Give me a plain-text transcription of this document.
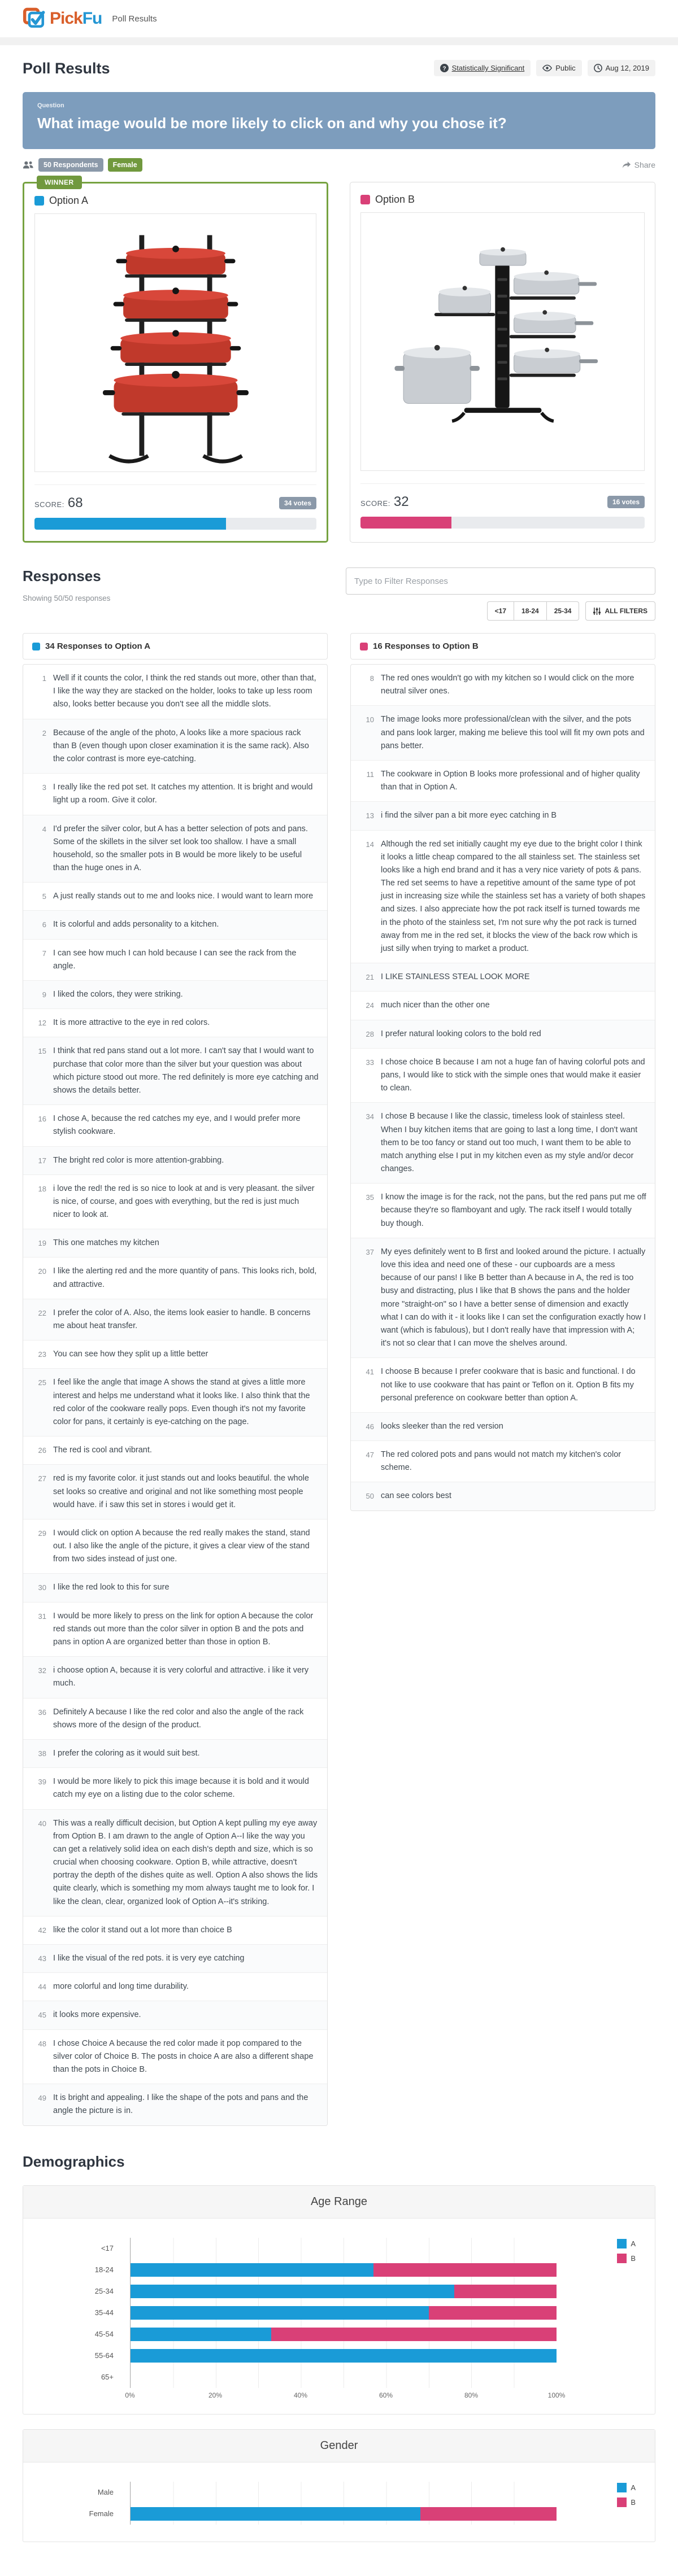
PickFu Poll Results
Poll Results	? Statistically Significant	Public	Aug 12, 2019
Question
What image would be more likely to click on and why you chose it?
50 Respondents	Female	Share
WINNER
Option A
SCORE: 68	34 votes
Option B
SCORE: 32	16 votes
Responses
Showing 50/50 responses
Type to Filter Responses
<17	18-24	25-34	ALL FILTERS
34 Responses to Option A
1 Well if it counts the color, I think the red stands out more, other than that, I like the way they are stacked on the holder, looks to take up less room also, looks better because you don't see all the middle slots.
2 Because of the angle of the photo, A looks like a more spacious rack than B (even though upon closer examination it is the same rack). Also the color contrast is more eye-catching.
3 I really like the red pot set. It catches my attention. It is bright and would light up a room. Give it color.
4 I'd prefer the silver color, but A has a better selection of pots and pans. Some of the skillets in the silver set look too shallow. I have a small household, so the smaller pots in B would be more likely to be useful than the huge ones in A.
5 A just really stands out to me and looks nice. I would want to learn more
6 It is colorful and adds personality to a kitchen.
7 I can see how much I can hold because I can see the rack from the angle.
9 I liked the colors, they were striking.
12 It is more attractive to the eye in red colors.
15 I think that red pans stand out a lot more. I can't say that I would want to purchase that color more than the silver but your question was about which picture stood out more. The red definitely is more eye catching and shows the details better.
16 I chose A, because the red catches my eye, and I would prefer more stylish cookware.
17 The bright red color is more attention-grabbing.
18 i love the red! the red is so nice to look at and is very pleasant. the silver is nice, of course, and goes with everything, but the red is just much nicer to look at.
19 This one matches my kitchen
20 I like the alerting red and the more quantity of pans. This looks rich, bold, and attractive.
22 I prefer the color of A. Also, the items look easier to handle. B concerns me about heat transfer.
23 You can see how they split up a little better
25 I feel like the angle that image A shows the stand at gives a little more interest and helps me understand what it looks like. I also think that the red color of the cookware really pops. Even though it's not my favorite color for pans, it certainly is eye-catching on the page.
26 The red is cool and vibrant.
27 red is my favorite color. it just stands out and looks beautiful. the whole set looks so creative and original and not like something most people would have. if i saw this set in stores i would get it.
29 I would click on option A because the red really makes the stand, stand out. I also like the angle of the picture, it gives a clear view of the stand from two sides instead of just one.
30 I like the red look to this for sure
31 I would be more likely to press on the link for option A because the color red stands out more than the color silver in option B and the pots and pans in option A are organized better than those in option B.
32 i choose option A, because it is very colorful and attractive. i like it very much.
36 Definitely A because I like the red color and also the angle of the rack shows more of the design of the product.
38 I prefer the coloring as it would suit best.
39 I would be more likely to pick this image because it is bold and it would catch my eye on a listing due to the color scheme.
40 This was a really difficult decision, but Option A kept pulling my eye away from Option B. I am drawn to the angle of Option A--I like the way you can get a relatively solid idea on each dish's depth and size, which is so crucial when choosing cookware. Option B, while attractive, doesn't portray the depth of the dishes quite as well. Option A also shows the lids quite clearly, which is something my mom always taught me to look for. I like the clean, clear, organized look of Option A--it's striking.
42 like the color it stand out a lot more than choice B
43 I like the visual of the red pots. it is very eye catching
44 more colorful and long time durability.
45 it looks more expensive.
48 I chose Choice A because the red color made it pop compared to the silver color of Choice B. The posts in choice A are also a different shape than the pots in Choice B.
49 It is bright and appealing. I like the shape of the pots and pans and the angle the picture is in.
16 Responses to Option B
8 The red ones wouldn't go with my kitchen so I would click on the more neutral silver ones.
10 The image looks more professional/clean with the silver, and the pots and pans look larger, making me believe this tool will fit my own pots and pans better.
11 The cookware in Option B looks more professional and of higher quality than that in Option A.
13 i find the silver pan a bit more eyec catching in B
14 Although the red set initially caught my eye due to the bright color I think it looks a little cheap compared to the all stainless set. The stainless set looks like a high end brand and it has a very nice variety of pots & pans. The red set seems to have a repetitive amount of the same type of pot just in increasing size while the stainless set has a variety of both shapes and sizes. I also appreciate how the pot rack itself is turned towards me in the photo of the stainless set, I'm not sure why the pot rack is turned away from me in the red set, it blocks the view of the back row which is just silly when trying to market a product.
21 I LIKE STAINLESS STEAL LOOK MORE
24 much nicer than the other one
28 I prefer natural looking colors to the bold red
33 I chose choice B because I am not a huge fan of having colorful pots and pans, I would like to stick with the simple ones that would make it easier to clean.
34 I chose B because I like the classic, timeless look of stainless steel. When I buy kitchen items that are going to last a long time, I don't want them to be too fancy or stand out too much, I want them to be able to match anything else I put in my kitchen even as my style and/or decor changes.
35 I know the image is for the rack, not the pans, but the red pans put me off because they're so flamboyant and ugly. The rack itself I would totally buy though.
37 My eyes definitely went to B first and looked around the picture. I actually love this idea and need one of these - our cupboards are a mess because of our pans! I like B better than A because in A, the red is too busy and distracting, plus I like that B shows the pans and the holder more "straight-on" so I have a better sense of dimension and exactly what I can do with it - it looks like I can set the configuration exactly how I want (which is fabulous), but I don't really have that impression with A; it's not so clear that I can move the shelves around.
41 I choose B because I prefer cookware that is basic and functional. I do not like to use cookware that has paint or Teflon on it. Option B fits my personal preference on cookware better than option A.
46 looks sleeker than the red version
47 The red colored pots and pans would not match my kitchen's color scheme.
50 can see colors best
Demographics
Age Range
A
B
<17
18-24
25-34
35-44
45-54
55-64
65+
0%	20%	40%	60%	80%	100%
Gender
A
B
Male
Female
